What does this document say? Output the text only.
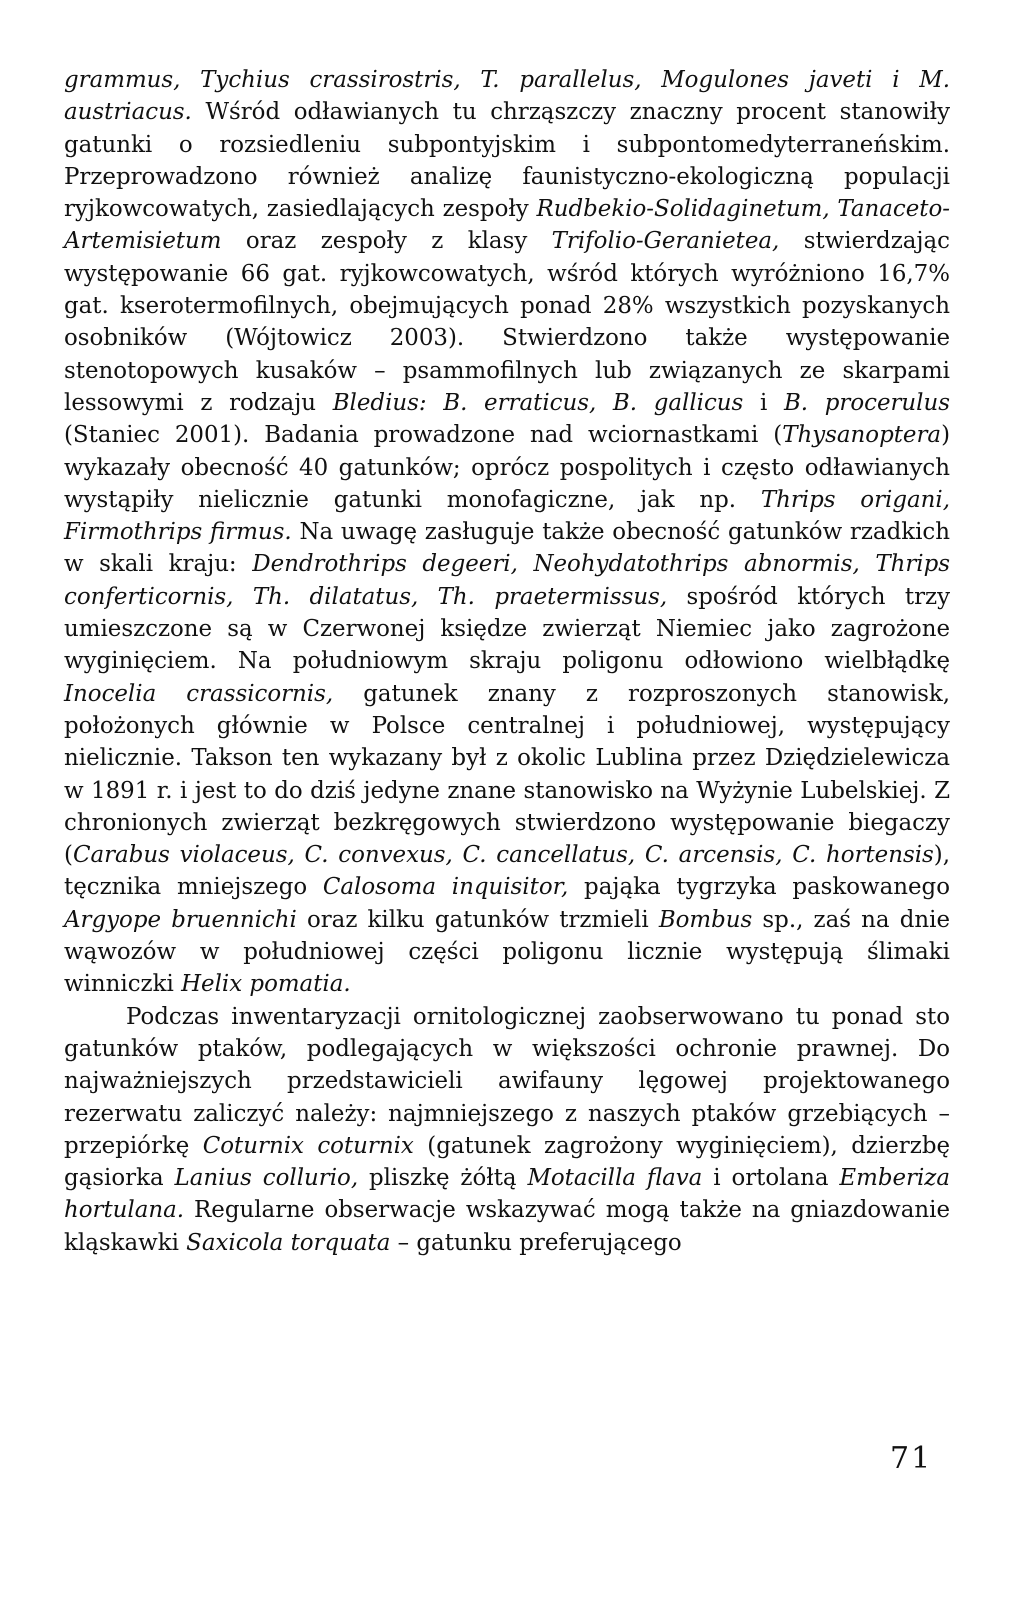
grammus, Tychius crassirostris, T. parallelus, Mogulones javeti i M. austriacus. Wśród odławianych tu chrząszczy znaczny procent stanowiły gatunki o rozsiedleniu subpontyjskim i subpontomedyterraneńskim. Przeprowadzono również analizę faunistyczno-ekologiczną populacji ryjkowcowatych, zasiedlających zespoły Rudbekio-Solidaginetum, Tanaceto-Artemisietum oraz zespoły z klasy Trifolio-Geranietea, stwierdzając występowanie 66 gat. ryjkowcowatych, wśród których wyróżniono 16,7% gat. kserotermofilnych, obejmujących ponad 28% wszystkich pozyskanych osobników (Wójtowicz 2003). Stwierdzono także występowanie stenotopowych kusaków – psammofilnych lub związanych ze skarpami lessowymi z rodzaju Bledius: B. erraticus, B. gallicus i B. procerulus (Staniec 2001). Badania prowadzone nad wciornastkami (Thysanoptera) wykazały obecność 40 gatunków; oprócz pospolitych i często odławianych wystąpiły nielicznie gatunki monofagiczne, jak np. Thrips origani, Firmothrips firmus. Na uwagę zasługuje także obecność gatunków rzadkich w skali kraju: Dendrothrips degeeri, Neohydatothrips abnormis, Thrips conferticornis, Th. dilatatus, Th. praetermissus, spośród których trzy umieszczone są w Czerwonej księdze zwierząt Niemiec jako zagrożone wyginięciem. Na południowym skraju poligonu odłowiono wielbłądkę Inocelia crassicornis, gatunek znany z rozproszonych stanowisk, położonych głównie w Polsce centralnej i południowej, występujący nielicznie. Takson ten wykazany był z okolic Lublina przez Dziędzielewicza w 1891 r. i jest to do dziś jedyne znane stanowisko na Wyżynie Lubelskiej. Z chronionych zwierząt bezkręgowych stwierdzono występowanie biegaczy (Carabus violaceus, C. convexus, C. cancellatus, C. arcensis, C. hortensis), tęcznika mniejszego Calosoma inquisitor, pająka tygrzyka paskowanego Argyope bruennichi oraz kilku gatunków trzmieli Bombus sp., zaś na dnie wąwozów w południowej części poligonu licznie występują ślimaki winniczki Helix pomatia.

Podczas inwentaryzacji ornitologicznej zaobserwowano tu ponad sto gatunków ptaków, podlegających w większości ochronie prawnej. Do najważniejszych przedstawicieli awifauny lęgowej projektowanego rezerwatu zaliczyć należy: najmniejszego z naszych ptaków grzebiących – przepiórkę Coturnix coturnix (gatunek zagrożony wyginięciem), dzierzbę gąsiorka Lanius collurio, pliszkę żółtą Motacilla flava i ortolana Emberiza hortulana. Regularne obserwacje wskazywać mogą także na gniazdowanie kląskawki Saxicola torquata – gatunku preferującego

71
